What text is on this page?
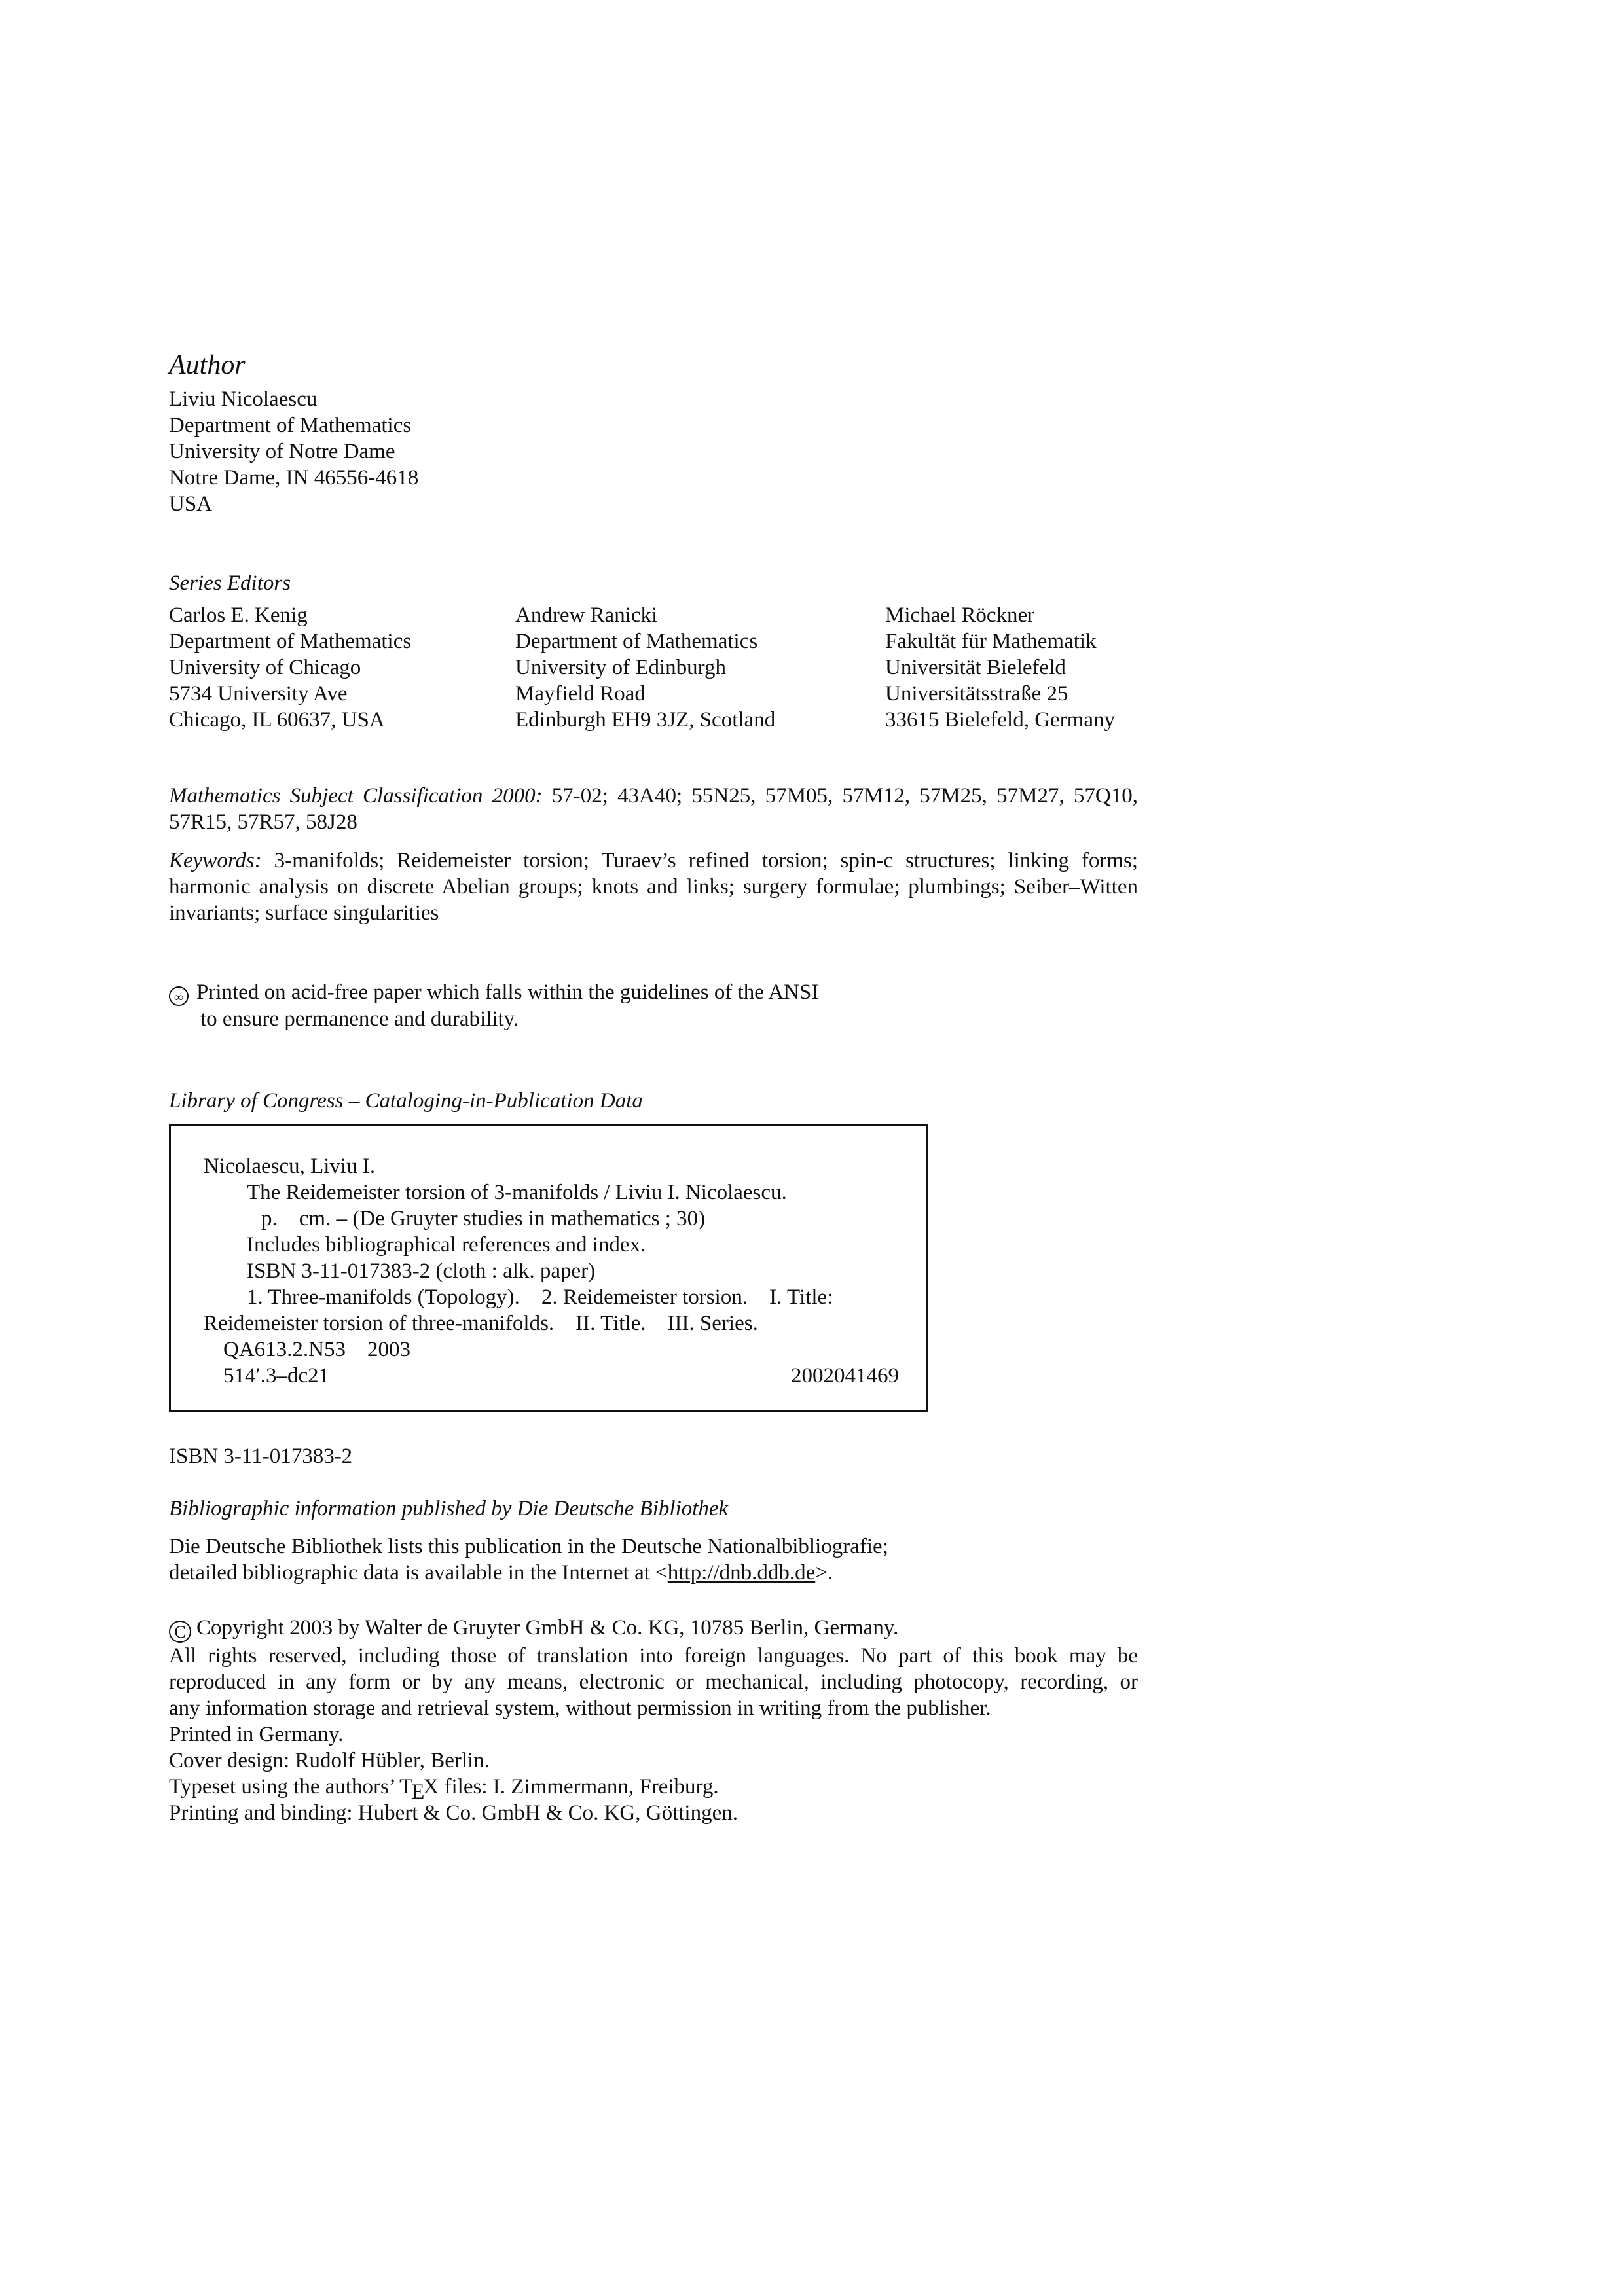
Author
Liviu Nicolaescu
Department of Mathematics
University of Notre Dame
Notre Dame, IN 46556-4618
USA
Series Editors
Carlos E. Kenig
Department of Mathematics
University of Chicago
5734 University Ave
Chicago, IL 60637, USA
Andrew Ranicki
Department of Mathematics
University of Edinburgh
Mayfield Road
Edinburgh EH9 3JZ, Scotland
Michael Röckner
Fakultät für Mathematik
Universität Bielefeld
Universitätsstraße 25
33615 Bielefeld, Germany
Mathematics Subject Classification 2000: 57-02; 43A40; 55N25, 57M05, 57M12, 57M25, 57M27, 57Q10, 57R15, 57R57, 58J28
Keywords: 3-manifolds; Reidemeister torsion; Turaev’s refined torsion; spin-c structures; linking forms; harmonic analysis on discrete Abelian groups; knots and links; surgery formulae; plumbings; Seiber–Witten invariants; surface singularities
∞ Printed on acid-free paper which falls within the guidelines of the ANSI
to ensure permanence and durability.
Library of Congress – Cataloging-in-Publication Data
Nicolaescu, Liviu I.
The Reidemeister torsion of 3-manifolds / Liviu I. Nicolaescu.
p.    cm. – (De Gruyter studies in mathematics ; 30)
Includes bibliographical references and index.
ISBN 3-11-017383-2 (cloth : alk. paper)
1. Three-manifolds (Topology).    2. Reidemeister torsion.    I. Title:
Reidemeister torsion of three-manifolds.    II. Title.    III. Series.
QA613.2.N53    2003
514′.3–dc21	2002041469
ISBN 3-11-017383-2
Bibliographic information published by Die Deutsche Bibliothek
Die Deutsche Bibliothek lists this publication in the Deutsche Nationalbibliografie;
detailed bibliographic data is available in the Internet at <http://dnb.ddb.de>.
C Copyright 2003 by Walter de Gruyter GmbH & Co. KG, 10785 Berlin, Germany.
All rights reserved, including those of translation into foreign languages. No part of this book may be
reproduced in any form or by any means, electronic or mechanical, including photocopy, recording, or
any information storage and retrieval system, without permission in writing from the publisher.
Printed in Germany.
Cover design: Rudolf Hübler, Berlin.
Typeset using the authors’ TEX files: I. Zimmermann, Freiburg.
Printing and binding: Hubert & Co. GmbH & Co. KG, Göttingen.
